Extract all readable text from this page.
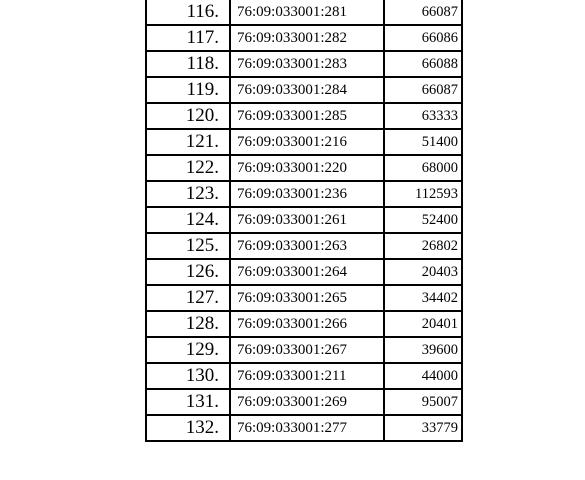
116.	76:09:033001:281	66087
117.	76:09:033001:282	66086
118.	76:09:033001:283	66088
119.	76:09:033001:284	66087
120.	76:09:033001:285	63333
121.	76:09:033001:216	51400
122.	76:09:033001:220	68000
123.	76:09:033001:236	112593
124.	76:09:033001:261	52400
125.	76:09:033001:263	26802
126.	76:09:033001:264	20403
127.	76:09:033001:265	34402
128.	76:09:033001:266	20401
129.	76:09:033001:267	39600
130.	76:09:033001:211	44000
131.	76:09:033001:269	95007
132.	76:09:033001:277	33779
